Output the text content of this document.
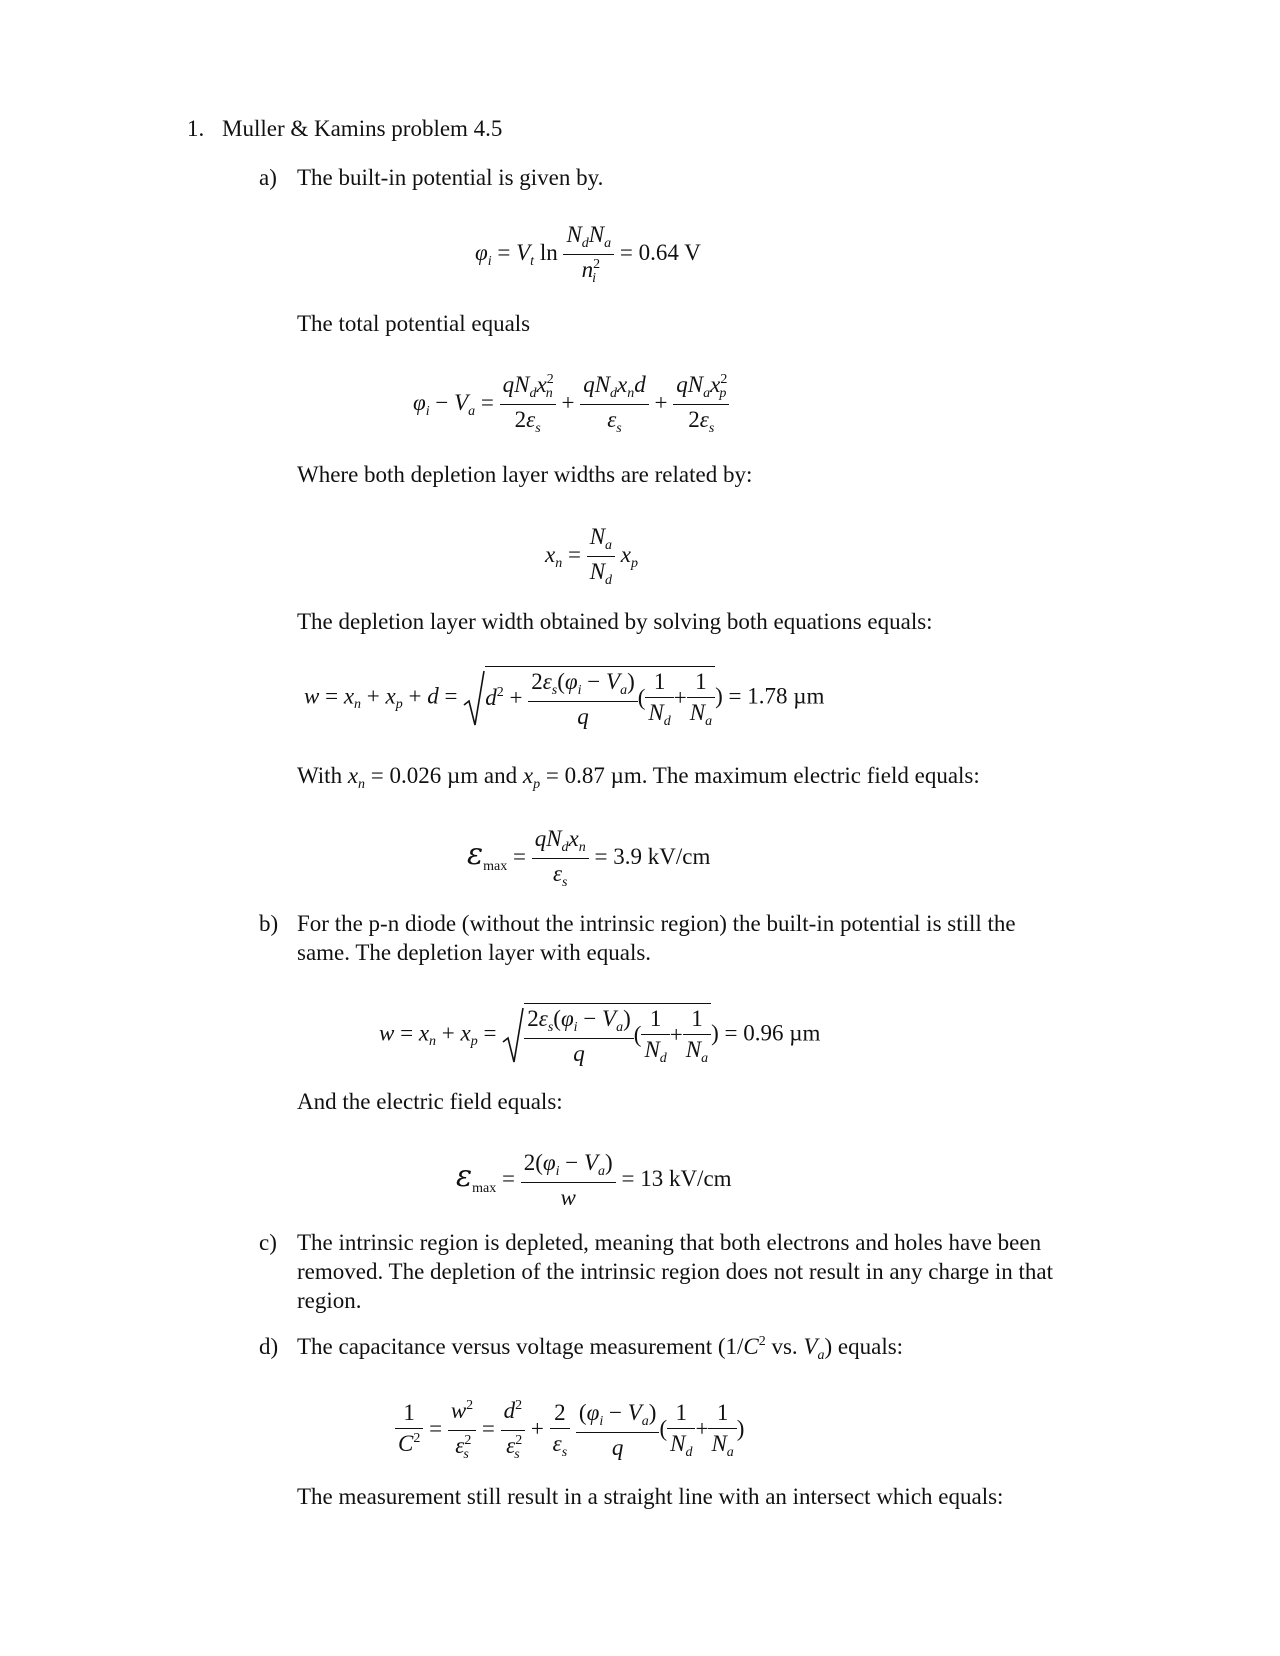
1. Muller & Kamins problem 4.5
a) The built-in potential is given by.
$\varphi_i = V_t$ $\ln \frac{N_dN_a}{n^2_i} = 0.64$ V
The total potential equals
$\varphi_i - V_a = \frac{qN_dx^2_n}{2\varepsilon_s} + \frac{qN_dx_nd}{\varepsilon_s} + \frac{qN_ax^2_p}{2\varepsilon_s}$
Where both depletion layer widths are related by:
$x_n = \frac{N_a}{N_d} x_p$
The depletion layer width obtained by solving both equations equals:
$w = x_n + x_p + d = d^2 + \frac{2\varepsilon_s(\varphi_i - V_a)}{q}$ ( $\frac{1}{N_d} + \frac{1}{N_a}$ ) = 1.78 µm
With $x_n = 0.026$ µm and $x_p = 0.87$ µm. The maximum electric field equals:
$\varepsilon_{max} = \frac{qN_dx_n}{\varepsilon_s} = 3.9$ kV/cm
b) For the p-n diode (without the intrinsic region) the built-in potential is still the
same. The depletion layer with equals.
$w = x_n + x_p = \frac{2\varepsilon_s(\varphi_i - V_a)}{q}$ ( $\frac{1}{N_d} + \frac{1}{N_a}$ ) = 0.96 µm
And the electric field equals:
$\varepsilon_{max} = \frac{2(\varphi_i - V_a)}{w} = 13$ kV/cm
c) The intrinsic region is depleted, meaning that both electrons and holes have been
removed. The depletion of the intrinsic region does not result in any charge in that
region.
d) The capacitance versus voltage measurement ($1/C^2$ vs. $V_a$) equals:
$\frac{1}{C^2} = \frac{w^2}{\varepsilon^2_s} = \frac{d^2}{\varepsilon^2_s} + \frac{2}{\varepsilon_s}$
$\frac{(\varphi_i - V_a)}{q}$ ( $\frac{1}{N_d} + \frac{1}{N_a}$ )
The measurement still result in a straight line with an intersect which equals:
